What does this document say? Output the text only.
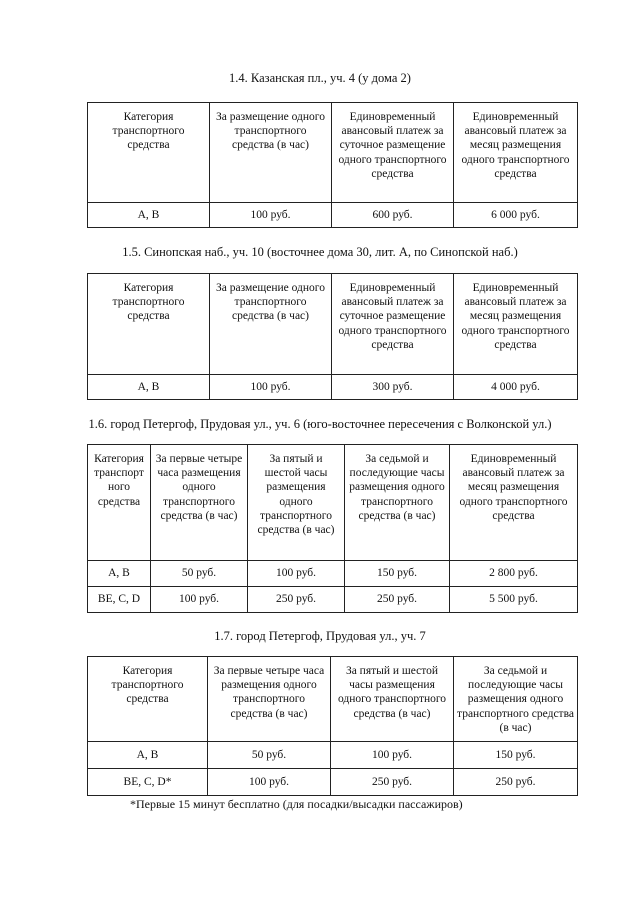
1.4. Казанская пл., уч. 4 (у дома 2)
Категория транспортного средства	За размещение одного транспортного средства (в час)	Единовременный авансовый платеж за суточное размещение одного транспортного средства	Единовременный авансовый платеж за месяц размещения одного транспортного средства
А, В	100 руб.	600 руб.	6 000 руб.
1.5. Синопская наб., уч. 10 (восточнее дома 30, лит. А, по Синопской наб.)
Категория транспортного средства	За размещение одного транспортного средства (в час)	Единовременный авансовый платеж за суточное размещение одного транспортного средства	Единовременный авансовый платеж за месяц размещения одного транспортного средства
А, В	100 руб.	300 руб.	4 000 руб.
1.6. город Петергоф, Прудовая ул., уч. 6 (юго-восточнее пересечения с Волконской ул.)
Категория транспорт ного средства	За первые четыре часа размещения одного транспортного средства (в час)	За пятый и шестой часы размещения одного транспортного средства (в час)	За седьмой и последующие часы размещения одного транспортного средства (в час)	Единовременный авансовый платеж за месяц размещения одного транспортного средства
А, В	50 руб.	100 руб.	150 руб.	2 800 руб.
ВЕ, С, D	100 руб.	250 руб.	250 руб.	5 500 руб.
1.7. город Петергоф, Прудовая ул., уч. 7
Категория транспортного средства	За первые четыре часа размещения одного транспортного средства (в час)	За пятый и шестой часы размещения одного транспортного средства (в час)	За седьмой и последующие часы размещения одного транспортного средства (в час)
А, В	50 руб.	100 руб.	150 руб.
ВЕ, С, D*	100 руб.	250 руб.	250 руб.
*Первые 15 минут бесплатно (для посадки/высадки пассажиров)
